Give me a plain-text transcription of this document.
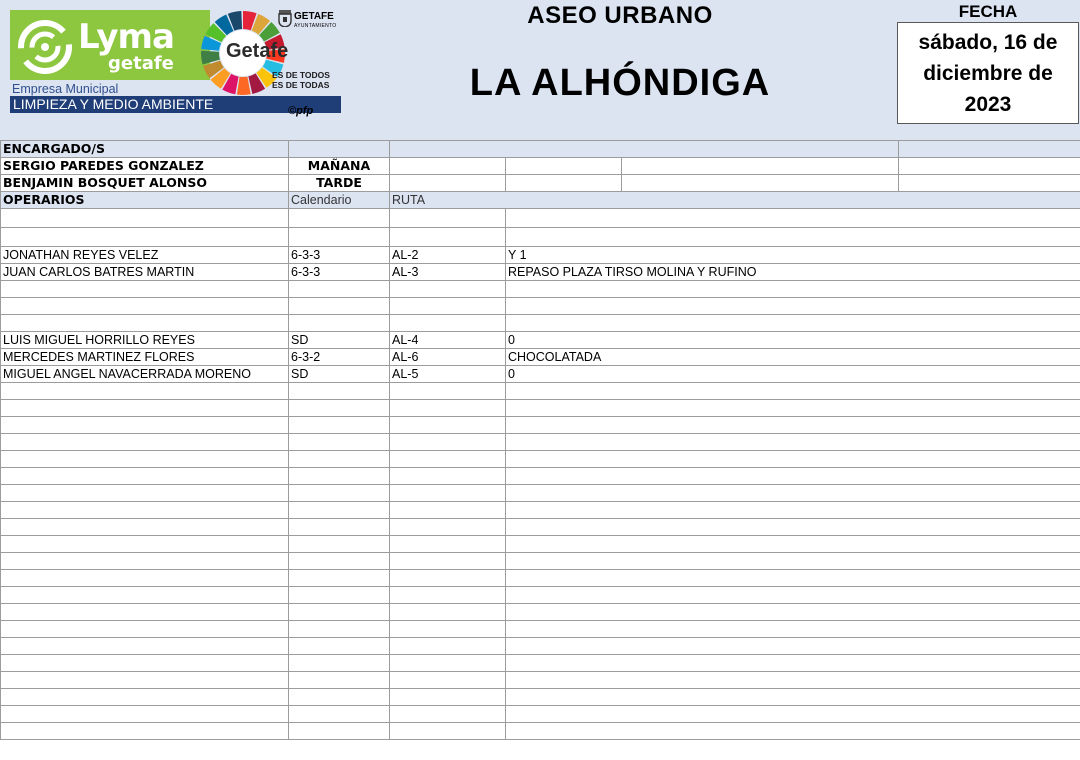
Lyma
getafe
Getafe
GETAFE
AYUNTAMIENTO
ES DE TODOS
ES DE TODAS
Empresa Municipal
LIMPIEZA Y MEDIO AMBIENTE	©pfp
ASEO URBANO
LA ALHÓNDIGA
FECHA
sábado, 16 de diciembre de 2023
ENCARGADO/S					
SERGIO PAREDES GONZALEZ	MAÑANA				
BENJAMIN BOSQUET ALONSO	TARDE				
OPERARIOS	Calendario	RUTA			

JONATHAN REYES VELEZ	6-3-3	AL-2	Y 1		
JUAN CARLOS BATRES MARTIN	6-3-3	AL-3	REPASO PLAZA TIRSO MOLINA Y RUFINO		

LUIS MIGUEL HORRILLO REYES	SD	AL-4	0		
MERCEDES MARTINEZ FLORES	6-3-2	AL-6	CHOCOLATADA		
MIGUEL ANGEL NAVACERRADA MORENO	SD	AL-5	0		
